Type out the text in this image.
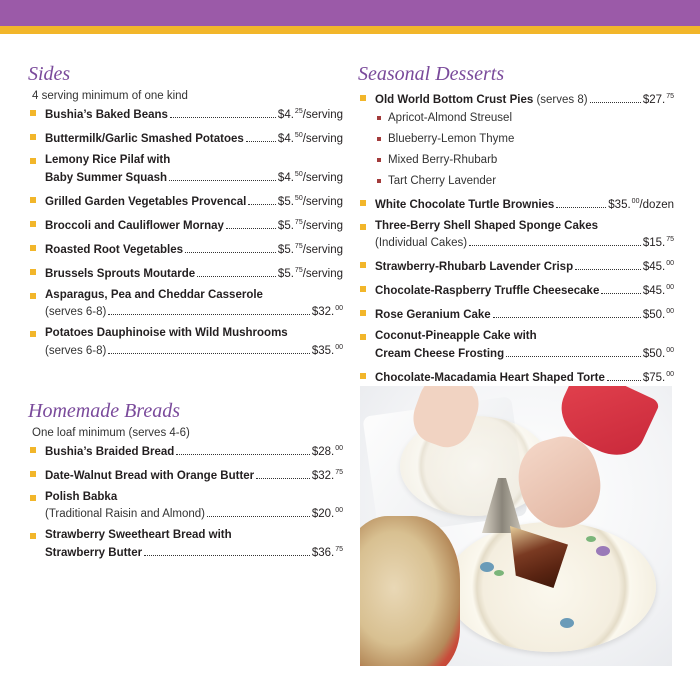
Sides
4 serving minimum of one kind
Bushia’s Baked Beans	$4.25/serving
Buttermilk/Garlic Smashed Potatoes	$4.50/serving
Lemony Rice Pilaf with
Baby Summer Squash	$4.50/serving
Grilled Garden Vegetables Provencal	$5.50/serving
Broccoli and Cauliflower Mornay	$5.75/serving
Roasted Root Vegetables	$5.75/serving
Brussels Sprouts Moutarde	$5.75/serving
Asparagus, Pea and Cheddar Casserole
(serves 6-8)	$32.00
Potatoes Dauphinoise with Wild Mushrooms
(serves 6-8)	$35.00
Homemade Breads
One loaf minimum (serves 4-6)
Bushia’s Braided Bread	$28.00
Date-Walnut Bread with Orange Butter	$32.75
Polish Babka
(Traditional Raisin and Almond)	$20.00
Strawberry Sweetheart Bread with
Strawberry Butter	$36.75
Seasonal Desserts
Old World Bottom Crust Pies
(serves 8)	$27.75
Apricot-Almond Streusel
Blueberry-Lemon Thyme
Mixed Berry-Rhubarb
Tart Cherry Lavender
White Chocolate Turtle Brownies	$35.00/dozen
Three-Berry Shell Shaped Sponge Cakes
(Individual Cakes)	$15.75
Strawberry-Rhubarb Lavender Crisp	$45.00
Chocolate-Raspberry Truffle Cheesecake	$45.00
Rose Geranium Cake	$50.00
Coconut-Pineapple Cake with
Cream Cheese Frosting	$50.00
Chocolate-Macadamia Heart Shaped Torte	$75.00
